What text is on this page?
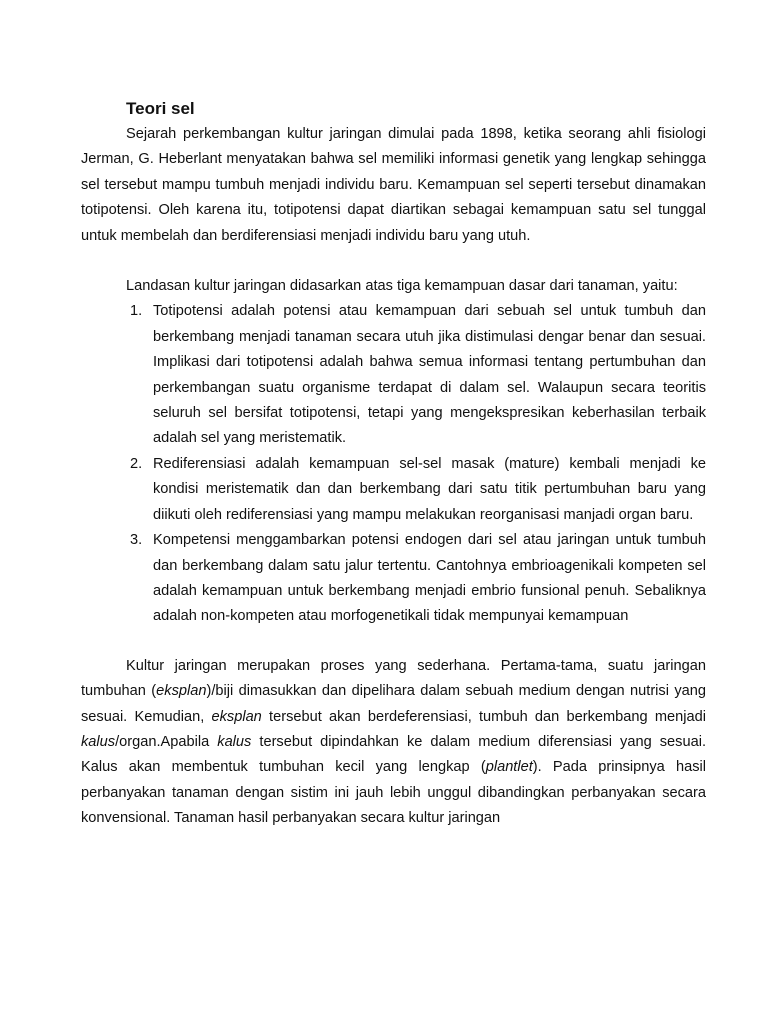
Teori sel

Sejarah perkembangan kultur jaringan dimulai pada 1898, ketika seorang ahli fisiologi Jerman, G. Heberlant menyatakan bahwa sel memiliki informasi genetik yang lengkap sehingga sel tersebut mampu tumbuh menjadi individu baru. Kemampuan sel seperti tersebut dinamakan totipotensi. Oleh karena itu, totipotensi dapat diartikan sebagai kemampuan satu sel tunggal untuk membelah dan berdiferensiasi menjadi individu baru yang utuh.

Landasan kultur jaringan didasarkan atas tiga kemampuan dasar dari tanaman, yaitu:

1. Totipotensi adalah potensi atau kemampuan dari sebuah sel untuk tumbuh dan berkembang menjadi tanaman secara utuh jika distimulasi dengar benar dan sesuai. Implikasi dari totipotensi adalah bahwa semua informasi tentang pertumbuhan dan perkembangan suatu organisme terdapat di dalam sel. Walaupun secara teoritis seluruh sel bersifat totipotensi, tetapi yang mengekspresikan keberhasilan terbaik adalah sel yang meristematik.
2. Rediferensiasi adalah kemampuan sel-sel masak (mature) kembali menjadi ke kondisi meristematik dan dan berkembang dari satu titik pertumbuhan baru yang diikuti oleh rediferensiasi yang mampu melakukan reorganisasi manjadi organ baru.
3. Kompetensi menggambarkan potensi endogen dari sel atau jaringan untuk tumbuh dan berkembang dalam satu jalur tertentu. Cantohnya embrioagenikali kompeten sel adalah kemampuan untuk berkembang menjadi embrio funsional penuh. Sebaliknya adalah non-kompeten atau morfogenetikali tidak mempunyai kemampuan

Kultur jaringan merupakan proses yang sederhana. Pertama-tama, suatu jaringan tumbuhan (eksplan)/biji dimasukkan dan dipelihara dalam sebuah medium dengan nutrisi yang sesuai. Kemudian, eksplan tersebut akan berdeferensiasi, tumbuh dan berkembang menjadi kalus/organ.Apabila kalus tersebut dipindahkan ke dalam medium diferensiasi yang sesuai. Kalus akan membentuk tumbuhan kecil yang lengkap (plantlet). Pada prinsipnya hasil perbanyakan tanaman dengan sistim ini jauh lebih unggul dibandingkan perbanyakan secara konvensional. Tanaman hasil perbanyakan secara kultur jaringan
